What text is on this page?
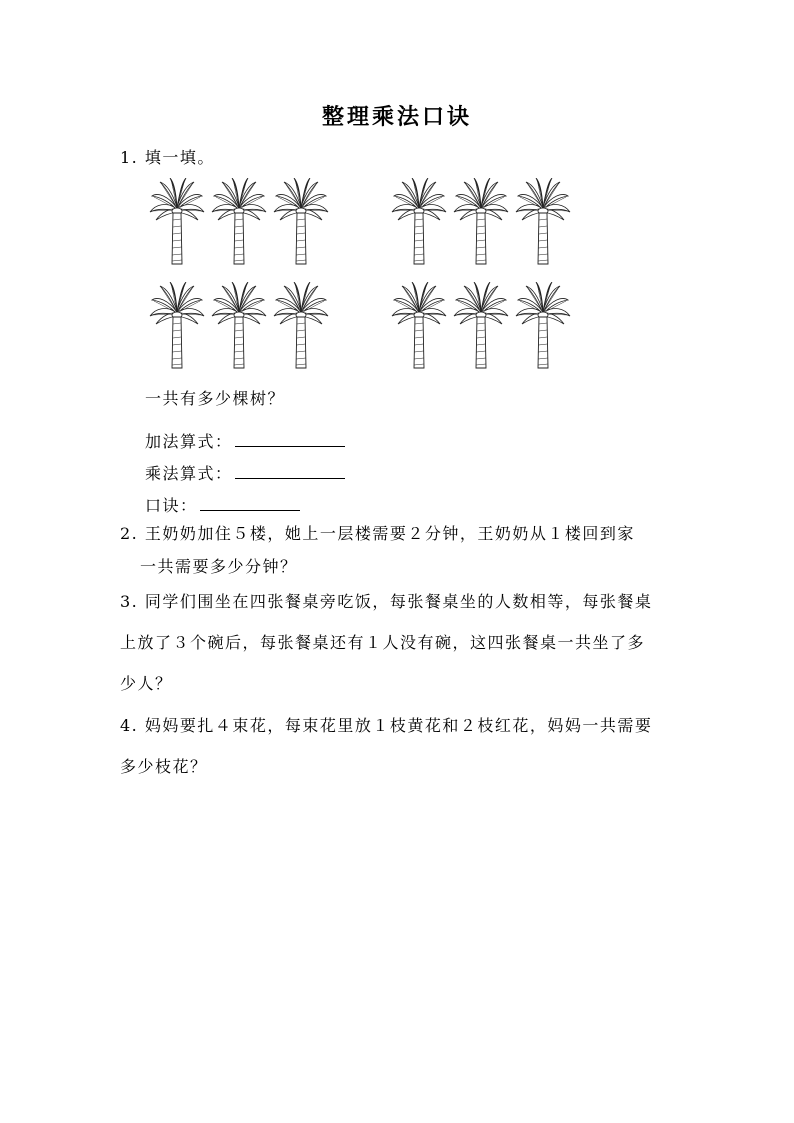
整理乘法口诀
1. 填一填。
一共有多少棵树？
加法算式：
乘法算式：
口诀：
2. 王奶奶加住５楼，她上一层楼需要２分钟，王奶奶从１楼回到家
一共需要多少分钟？
3. 同学们围坐在四张餐桌旁吃饭，每张餐桌坐的人数相等，每张餐桌
上放了３个碗后，每张餐桌还有１人没有碗，这四张餐桌一共坐了多
少人？
4. 妈妈要扎４束花，每束花里放１枝黄花和２枝红花，妈妈一共需要
多少枝花？
